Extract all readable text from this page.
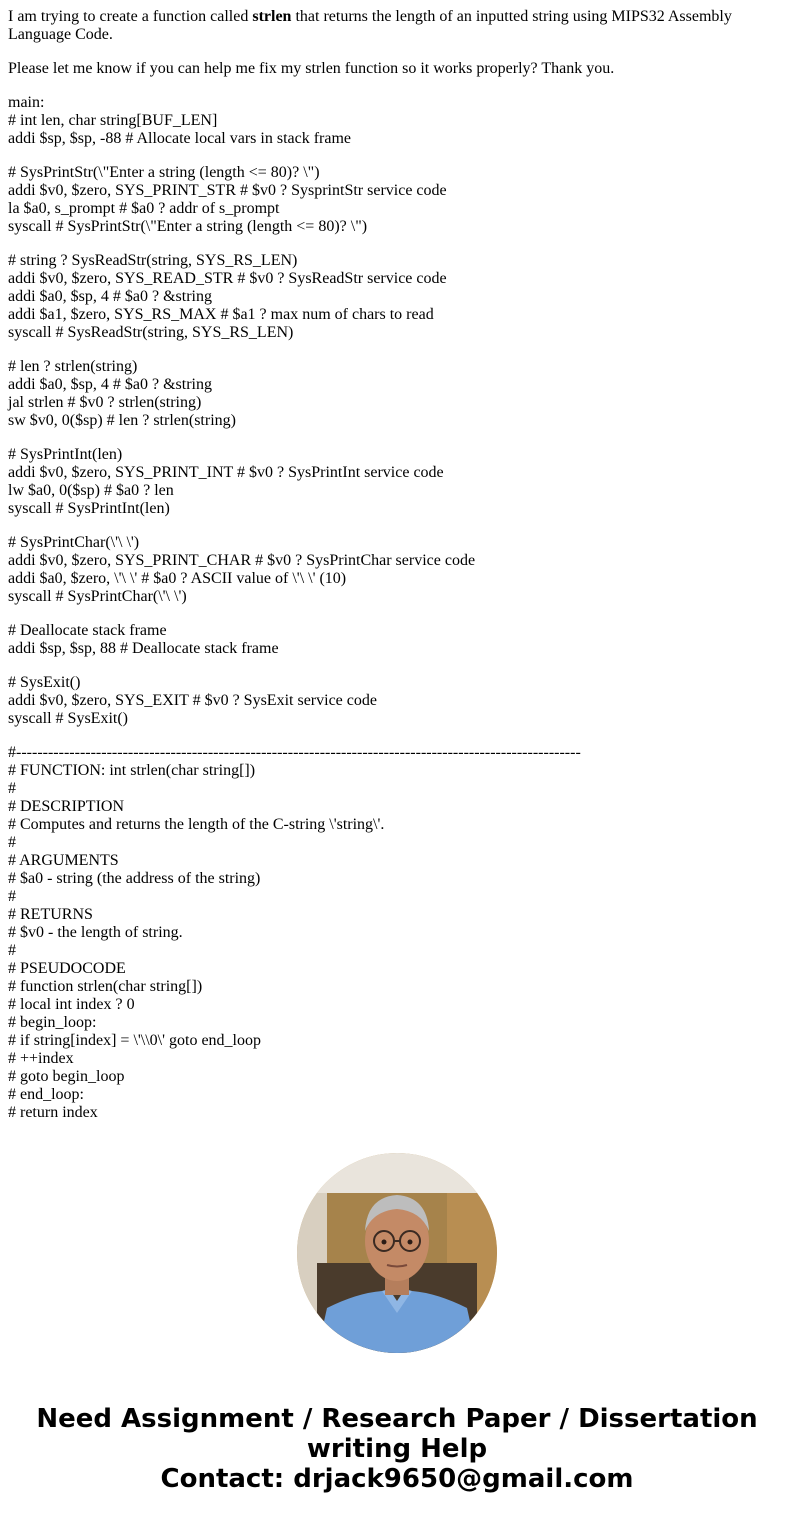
I am trying to create a function called strlen that returns the length of an inputted string using MIPS32 Assembly Language Code.

Please let me know if you can help me fix my strlen function so it works properly? Thank you.

main:
# int len, char string[BUF_LEN]
addi $sp, $sp, -88 # Allocate local vars in stack frame
# SysPrintStr(\"Enter a string (length <= 80)? \")
addi $v0, $zero, SYS_PRINT_STR # $v0 ? SysprintStr service code
la $a0, s_prompt # $a0 ? addr of s_prompt
syscall # SysPrintStr(\"Enter a string (length <= 80)? \")
# string ? SysReadStr(string, SYS_RS_LEN)
addi $v0, $zero, SYS_READ_STR # $v0 ? SysReadStr service code
addi $a0, $sp, 4 # $a0 ? &string
addi $a1, $zero, SYS_RS_MAX # $a1 ? max num of chars to read
syscall # SysReadStr(string, SYS_RS_LEN)
# len ? strlen(string)
addi $a0, $sp, 4 # $a0 ? &string
jal strlen # $v0 ? strlen(string)
sw $v0, 0($sp) # len ? strlen(string)
# SysPrintInt(len)
addi $v0, $zero, SYS_PRINT_INT # $v0 ? SysPrintInt service code
lw $a0, 0($sp) # $a0 ? len
syscall # SysPrintInt(len)
# SysPrintChar(\'\ \')
addi $v0, $zero, SYS_PRINT_CHAR # $v0 ? SysPrintChar service code
addi $a0, $zero, \'\ \' # $a0 ? ASCII value of \'\ \' (10)
syscall # SysPrintChar(\'\ \')
# Deallocate stack frame
addi $sp, $sp, 88 # Deallocate stack frame
# SysExit()
addi $v0, $zero, SYS_EXIT # $v0 ? SysExit service code
syscall # SysExit()
#----------------------------------------------------------------------------------------------------------
# FUNCTION: int strlen(char string[])
#
# DESCRIPTION
# Computes and returns the length of the C-string \'string\'.
#
# ARGUMENTS
# $a0 - string (the address of the string)
#
# RETURNS
# $v0 - the length of string.
#
# PSEUDOCODE
# function strlen(char string[])
# local int index ? 0
# begin_loop:
# if string[index] = \'\\0\' goto end_loop
# ++index
# goto begin_loop
# end_loop:
# return index
Need Assignment / Research Paper / Dissertation
writing Help
Contact: drjack9650@gmail.com
